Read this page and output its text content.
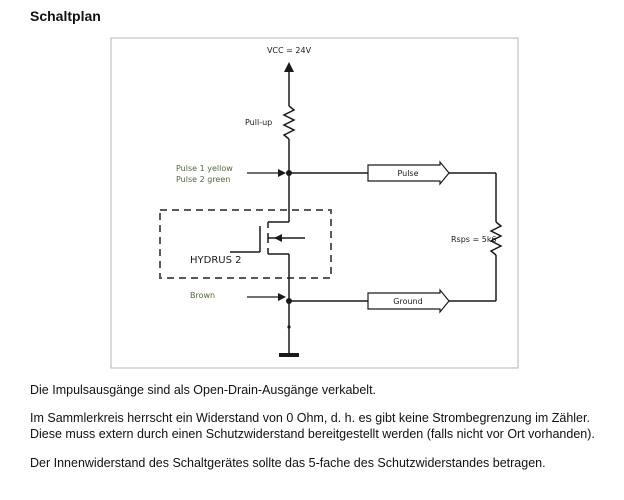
Schaltplan
VCC = 24V
Pull-up
Pulse 1 yellow
Pulse 2 green
HYDRUS 2
Brown
Pulse
Ground
Rsps = 5k6

Die Impulsausgänge sind als Open-Drain-Ausgänge verkabelt.

Im Sammlerkreis herrscht ein Widerstand von 0 Ohm, d. h. es gibt keine Strombegrenzung im Zähler.
Diese muss extern durch einen Schutzwiderstand bereitgestellt werden (falls nicht vor Ort vorhanden).

Der Innenwiderstand des Schaltgerätes sollte das 5-fache des Schutzwiderstandes betragen.
